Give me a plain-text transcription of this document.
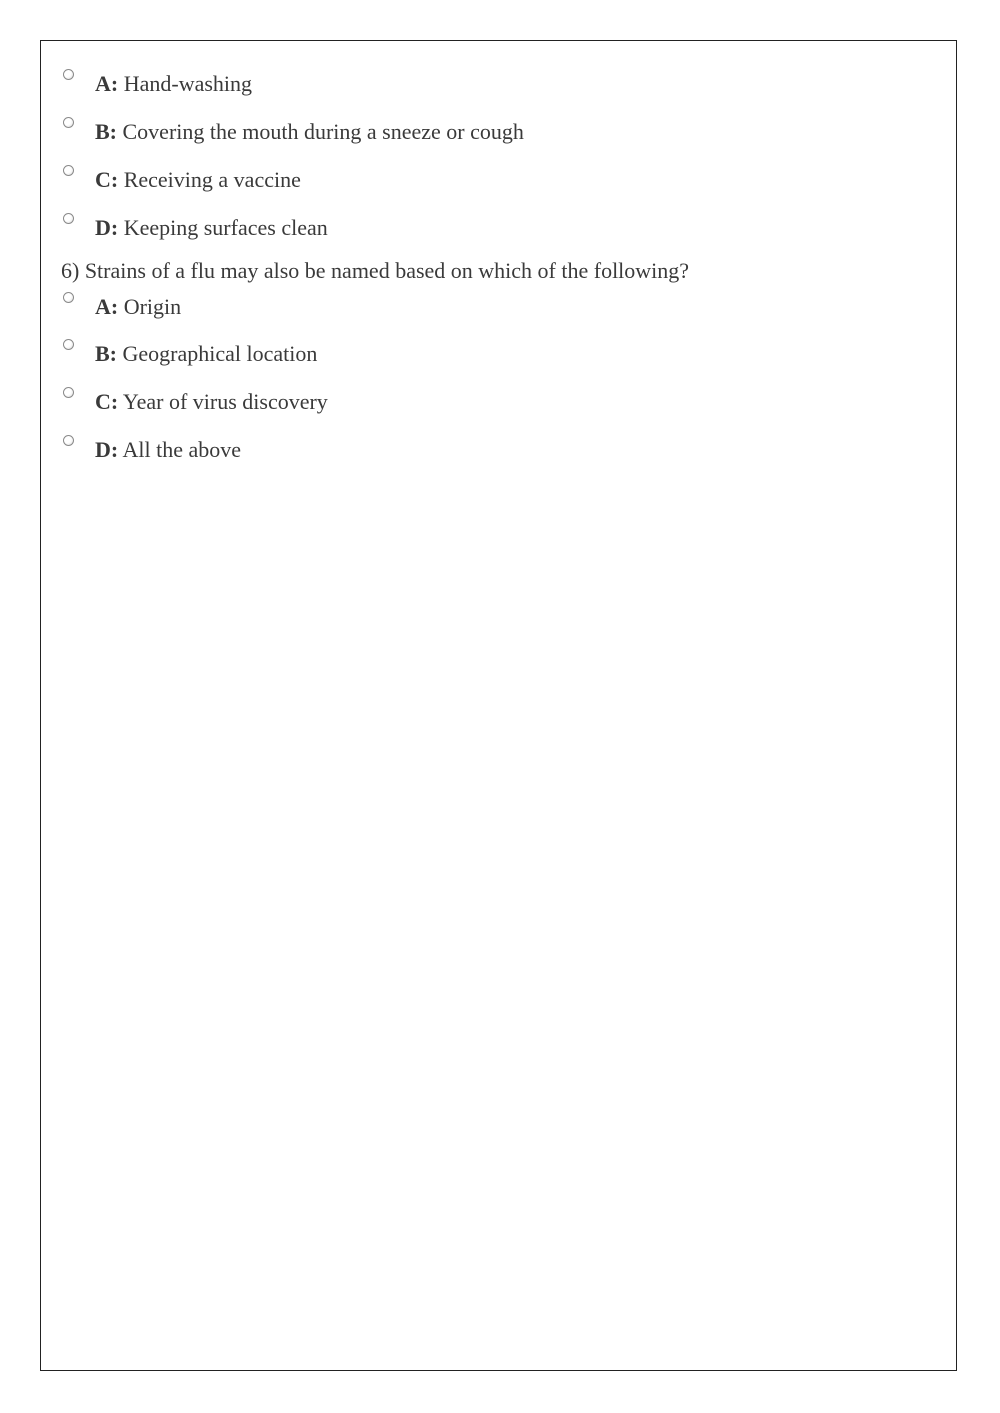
A: Hand-washing
B: Covering the mouth during a sneeze or cough
C: Receiving a vaccine
D: Keeping surfaces clean
6) Strains of a flu may also be named based on which of the following?
A: Origin
B: Geographical location
C: Year of virus discovery
D: All the above
